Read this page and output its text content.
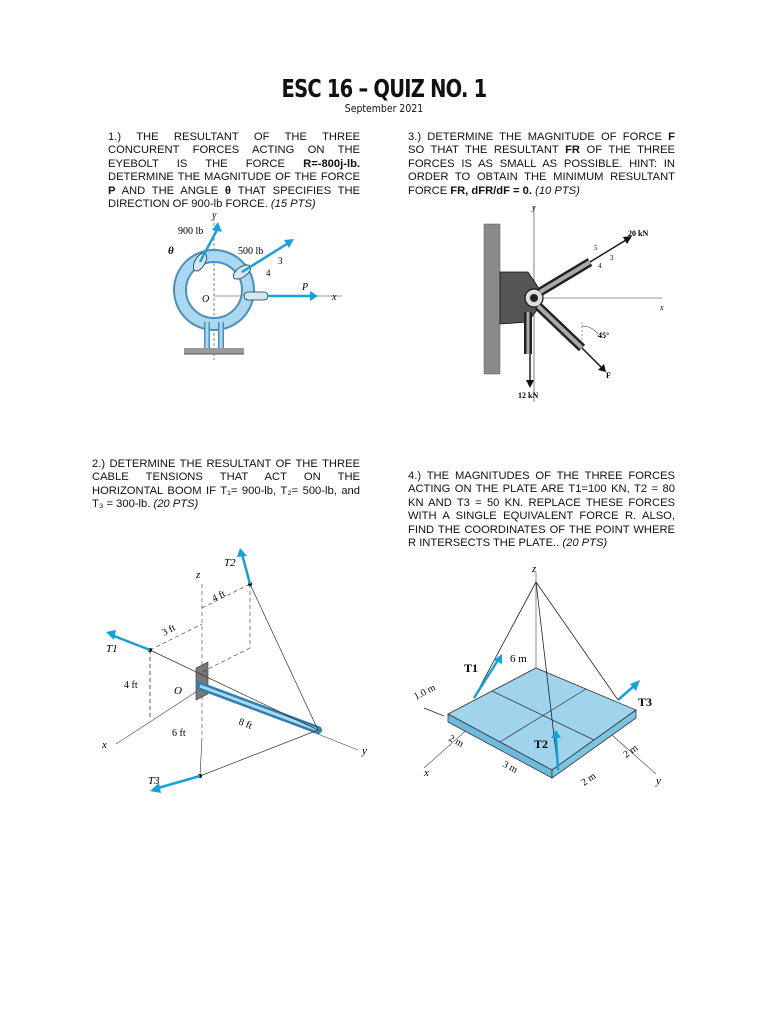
ESC 16 – QUIZ NO. 1
September 2021
1.) THE RESULTANT OF THE THREE CONCURENT FORCES ACTING ON THE EYEBOLT IS THE FORCE R=-800j-lb. DETERMINE THE MAGNITUDE OF THE FORCE P AND THE ANGLE θ THAT SPECIFIES THE DIRECTION OF 900-lb FORCE. (15 PTS)
y
x
O
900 lb
500 lb
θ
3
4
P
2.) DETERMINE THE RESULTANT OF THE THREE CABLE TENSIONS THAT ACT ON THE HORIZONTAL BOOM IF T₁= 900-lb, T₂= 500-lb, and T₃ = 300-lb. (20 PTS)
z
x	y
O
T1
T2
T3
4 ft
3 ft
4 ft
8 ft
6 ft
3.) DETERMINE THE MAGNITUDE OF FORCE F SO THAT THE RESULTANT FR OF THE THREE FORCES IS AS SMALL AS POSSIBLE. HINT: IN ORDER TO OBTAIN THE MINIMUM RESULTANT FORCE FR, dFR/dF = 0. (10 PTS)
y
x
20 kN
12 kN
F
45°
5
3
4
4.) THE MAGNITUDES OF THE THREE FORCES ACTING ON THE PLATE ARE T1=100 KN, T2 = 80 KN AND T3 = 50 KN. REPLACE THESE FORCES WITH A SINGLE EQUIVALENT FORCE R. ALSO, FIND THE COORDINATES OF THE POINT WHERE R INTERSECTS THE PLATE.. (20 PTS)
z
x
y
T1
T2
T3
6 m
1.0 m
2 m
3 m
2 m
2 m
